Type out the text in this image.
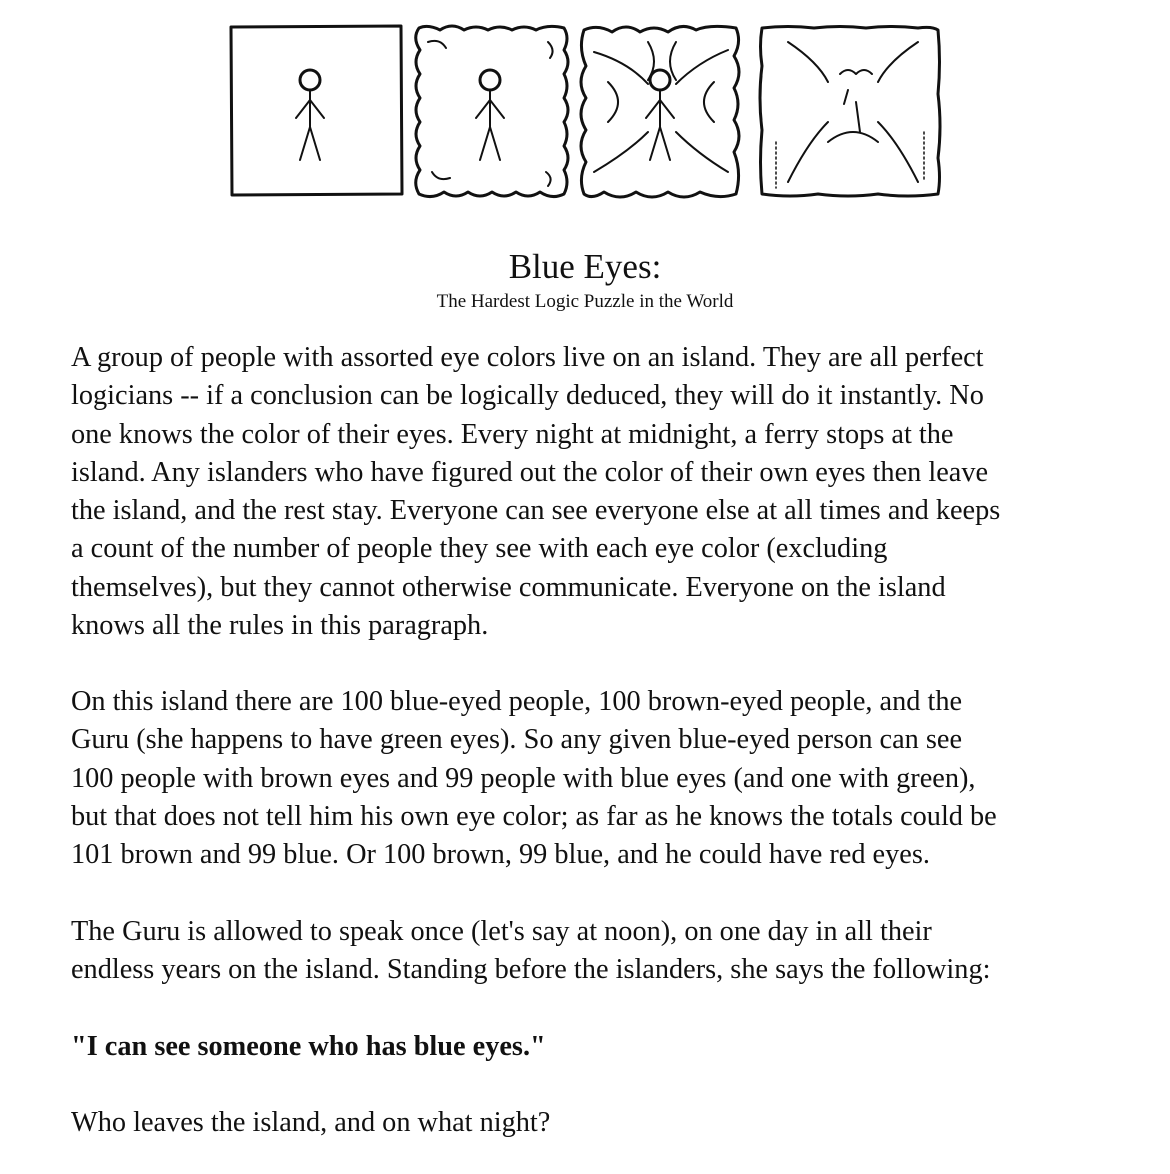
Blue Eyes:
The Hardest Logic Puzzle in the World
A group of people with assorted eye colors live on an island. They are all perfect
logicians -- if a conclusion can be logically deduced, they will do it instantly. No
one knows the color of their eyes. Every night at midnight, a ferry stops at the
island. Any islanders who have figured out the color of their own eyes then leave
the island, and the rest stay. Everyone can see everyone else at all times and keeps
a count of the number of people they see with each eye color (excluding
themselves), but they cannot otherwise communicate. Everyone on the island
knows all the rules in this paragraph.
On this island there are 100 blue-eyed people, 100 brown-eyed people, and the
Guru (she happens to have green eyes). So any given blue-eyed person can see
100 people with brown eyes and 99 people with blue eyes (and one with green),
but that does not tell him his own eye color; as far as he knows the totals could be
101 brown and 99 blue. Or 100 brown, 99 blue, and he could have red eyes.
The Guru is allowed to speak once (let's say at noon), on one day in all their
endless years on the island. Standing before the islanders, she says the following:
"I can see someone who has blue eyes."
Who leaves the island, and on what night?
